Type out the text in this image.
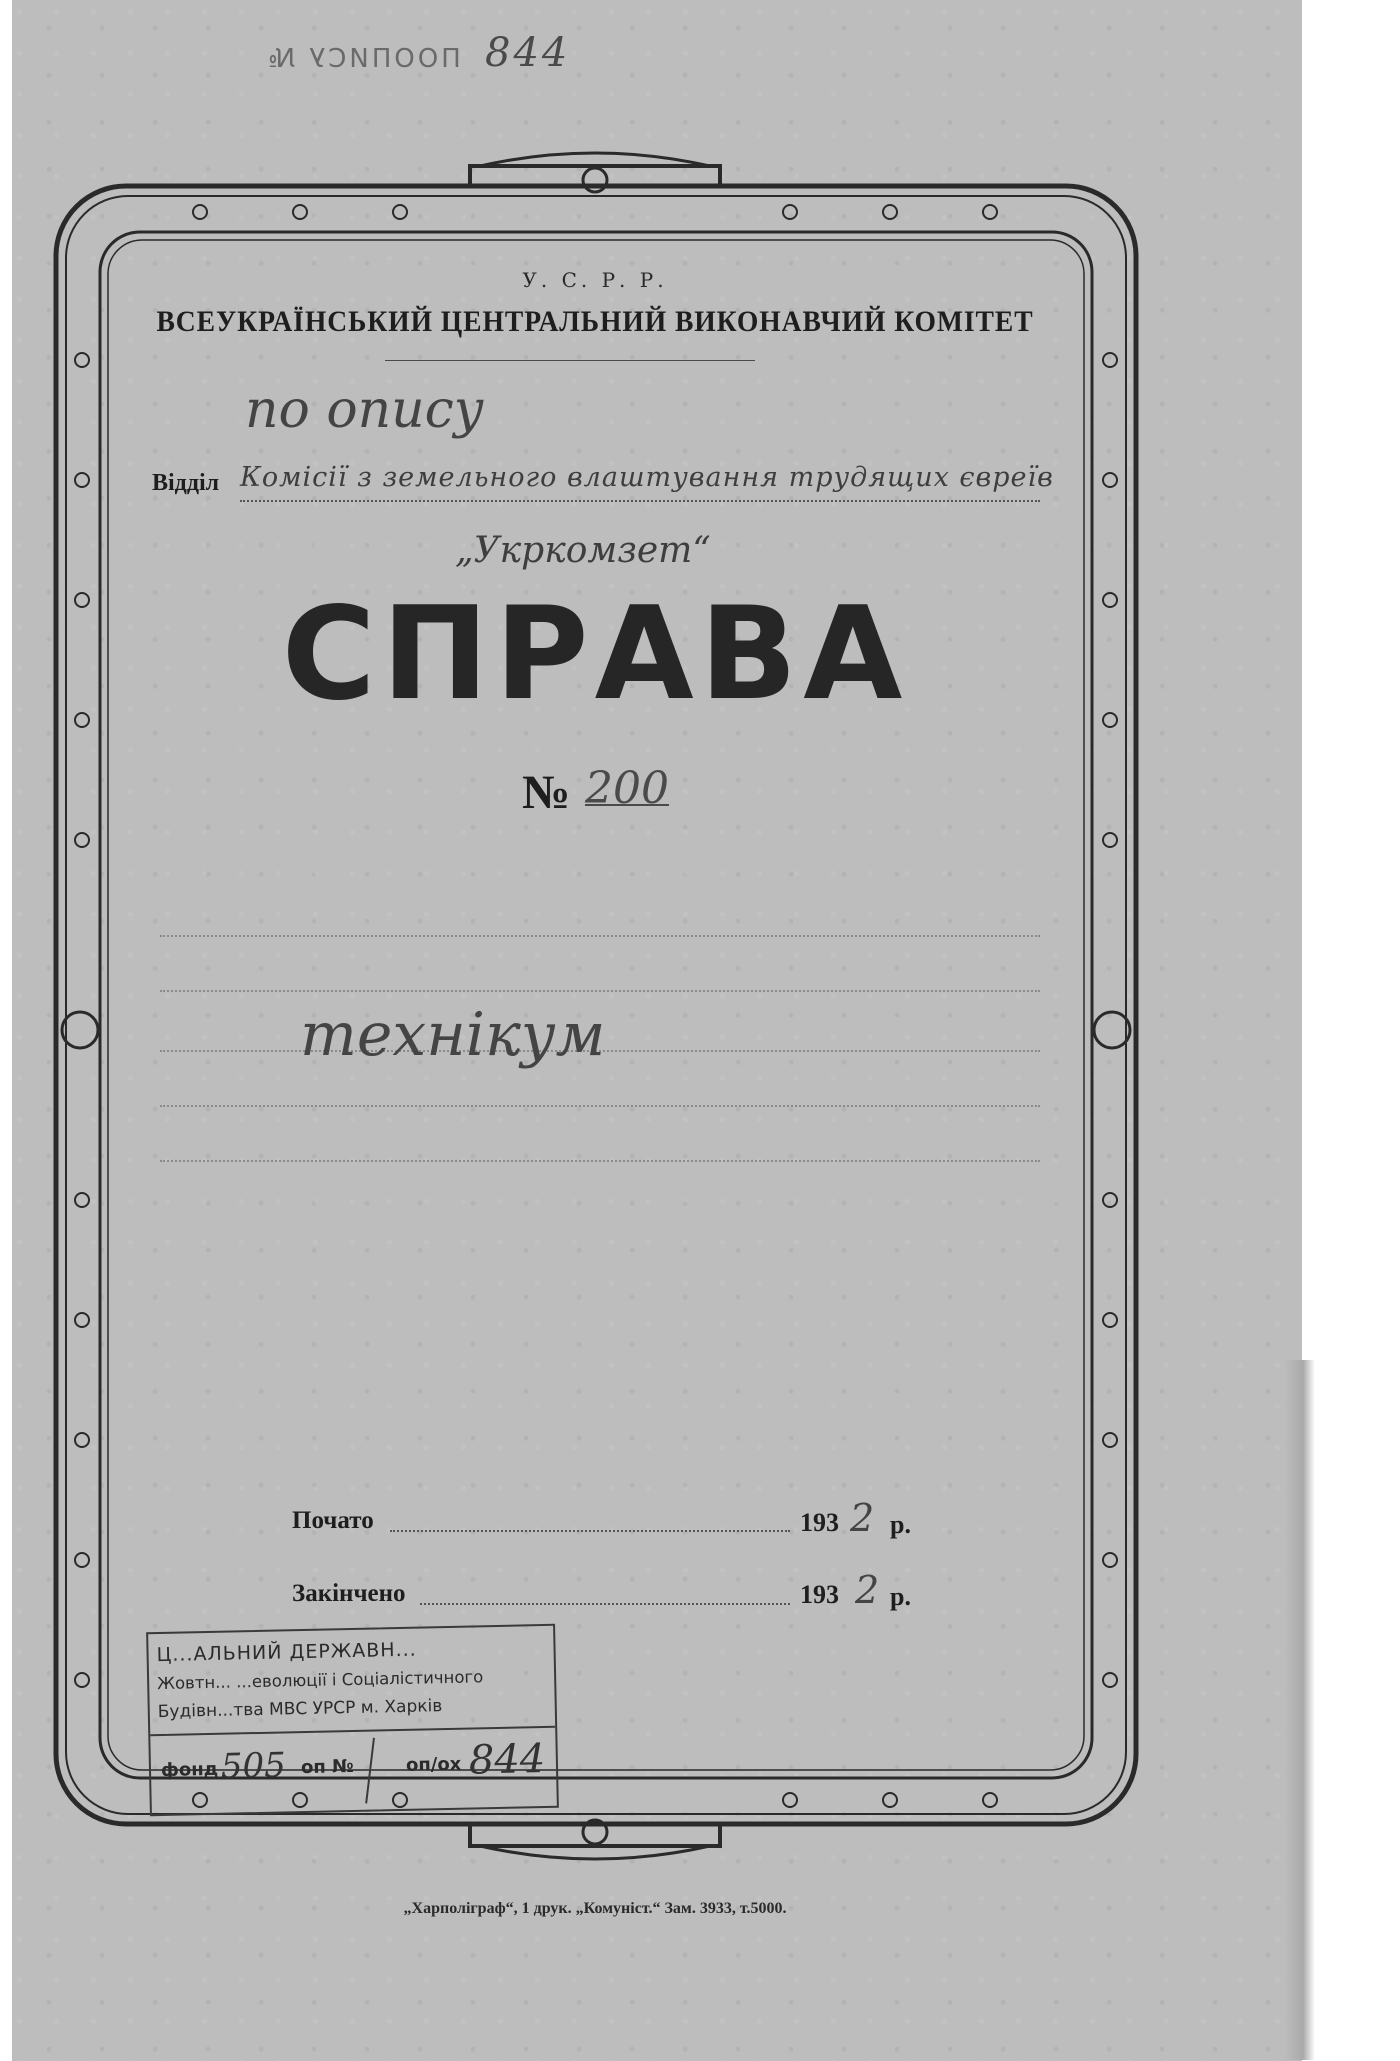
ПООПИСУ № 844
У. С. Р. Р.
ВСЕУКРАЇНСЬКИЙ ЦЕНТРАЛЬНИЙ ВИКОНАВЧИЙ КОМІТЕТ
по опису
Відділ Комісії з земельного влаштування трудящих євреїв
„Укркомзет“
СПРАВА
№ 200
технікум
Почато	193 2 р.
Закінчено	193 2 р.
Ц...АЛЬНИЙ ДЕРЖАВН...
Жовтн... ...еволюції і Соціалістичного
Будівн...тва МВС УРСР м. Харків
фонд 505 оп №	оп/ох 844
„Харполіграф“, 1 друк. „Комуніст.“ Зам. 3933, т.5000.
